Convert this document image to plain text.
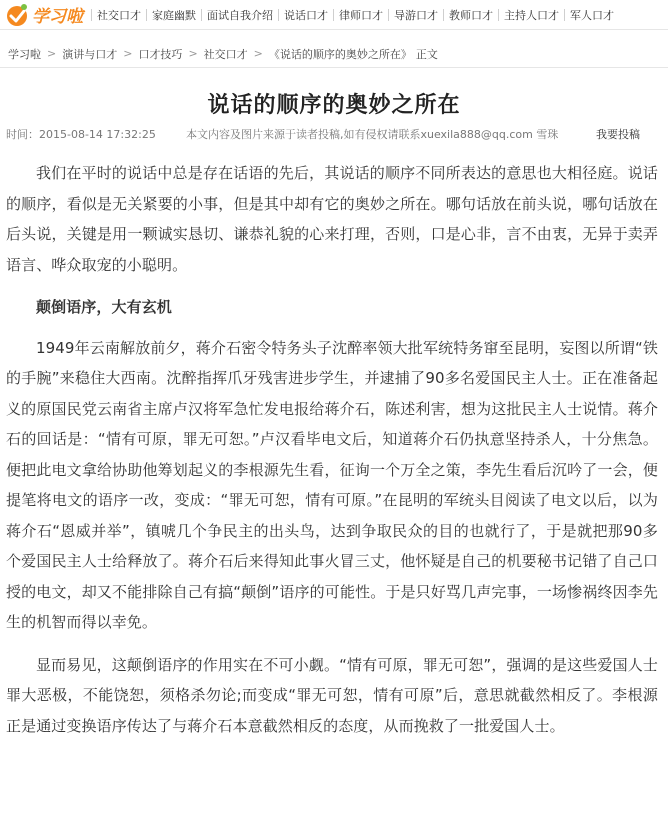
学习啦	社交口才	家庭幽默	面试自我介绍	说话口才	律师口才	导游口才	教师口才	主持人口才	军人口才
学习啦 > 演讲与口才 > 口才技巧 > 社交口才 > 《说话的顺序的奥妙之所在》 正文
说话的顺序的奥妙之所在
时间：2015-08-14 17:32:25	本文内容及图片来源于读者投稿,如有侵权请联系xuexila888@qq.com 雪珠	我要投稿

我们在平时的说话中总是存在话语的先后，其说话的顺序不同所表达的意思也大相径庭。说话的顺序，看似是无关紧要的小事，但是其中却有它的奥妙之所在。哪句话放在前头说，哪句话放在后头说，关键是用一颗诚实恳切、谦恭礼貌的心来打理，否则，口是心非，言不由衷，无异于卖弄语言、哗众取宠的小聪明。

颠倒语序，大有玄机

1949年云南解放前夕，蒋介石密令特务头子沈醉率领大批军统特务窜至昆明，妄图以所谓“铁的手腕”来稳住大西南。沈醉指挥爪牙残害进步学生，并逮捕了90多名爱国民主人士。正在准备起义的原国民党云南省主席卢汉将军急忙发电报给蒋介石，陈述利害，想为这批民主人士说情。蒋介石的回话是：“情有可原，罪无可恕。”卢汉看毕电文后，知道蒋介石仍执意坚持杀人，十分焦急。便把此电文拿给协助他筹划起义的李根源先生看，征询一个万全之策，李先生看后沉吟了一会，便提笔将电文的语序一改，变成：“罪无可恕，情有可原。”在昆明的军统头目阅读了电文以后，以为蒋介石“恩威并举”，镇唬几个争民主的出头鸟，达到争取民众的目的也就行了，于是就把那90多个爱国民主人士给释放了。蒋介石后来得知此事火冒三丈，他怀疑是自己的机要秘书记错了自己口授的电文，却又不能排除自己有搞“颠倒”语序的可能性。于是只好骂几声完事，一场惨祸终因李先生的机智而得以幸免。

显而易见，这颠倒语序的作用实在不可小觑。“情有可原，罪无可恕”，强调的是这些爱国人士罪大恶极，不能饶恕，须格杀勿论;而变成“罪无可恕，情有可原”后，意思就截然相反了。李根源正是通过变换语序传达了与蒋介石本意截然相反的态度，从而挽救了一批爱国人士。
